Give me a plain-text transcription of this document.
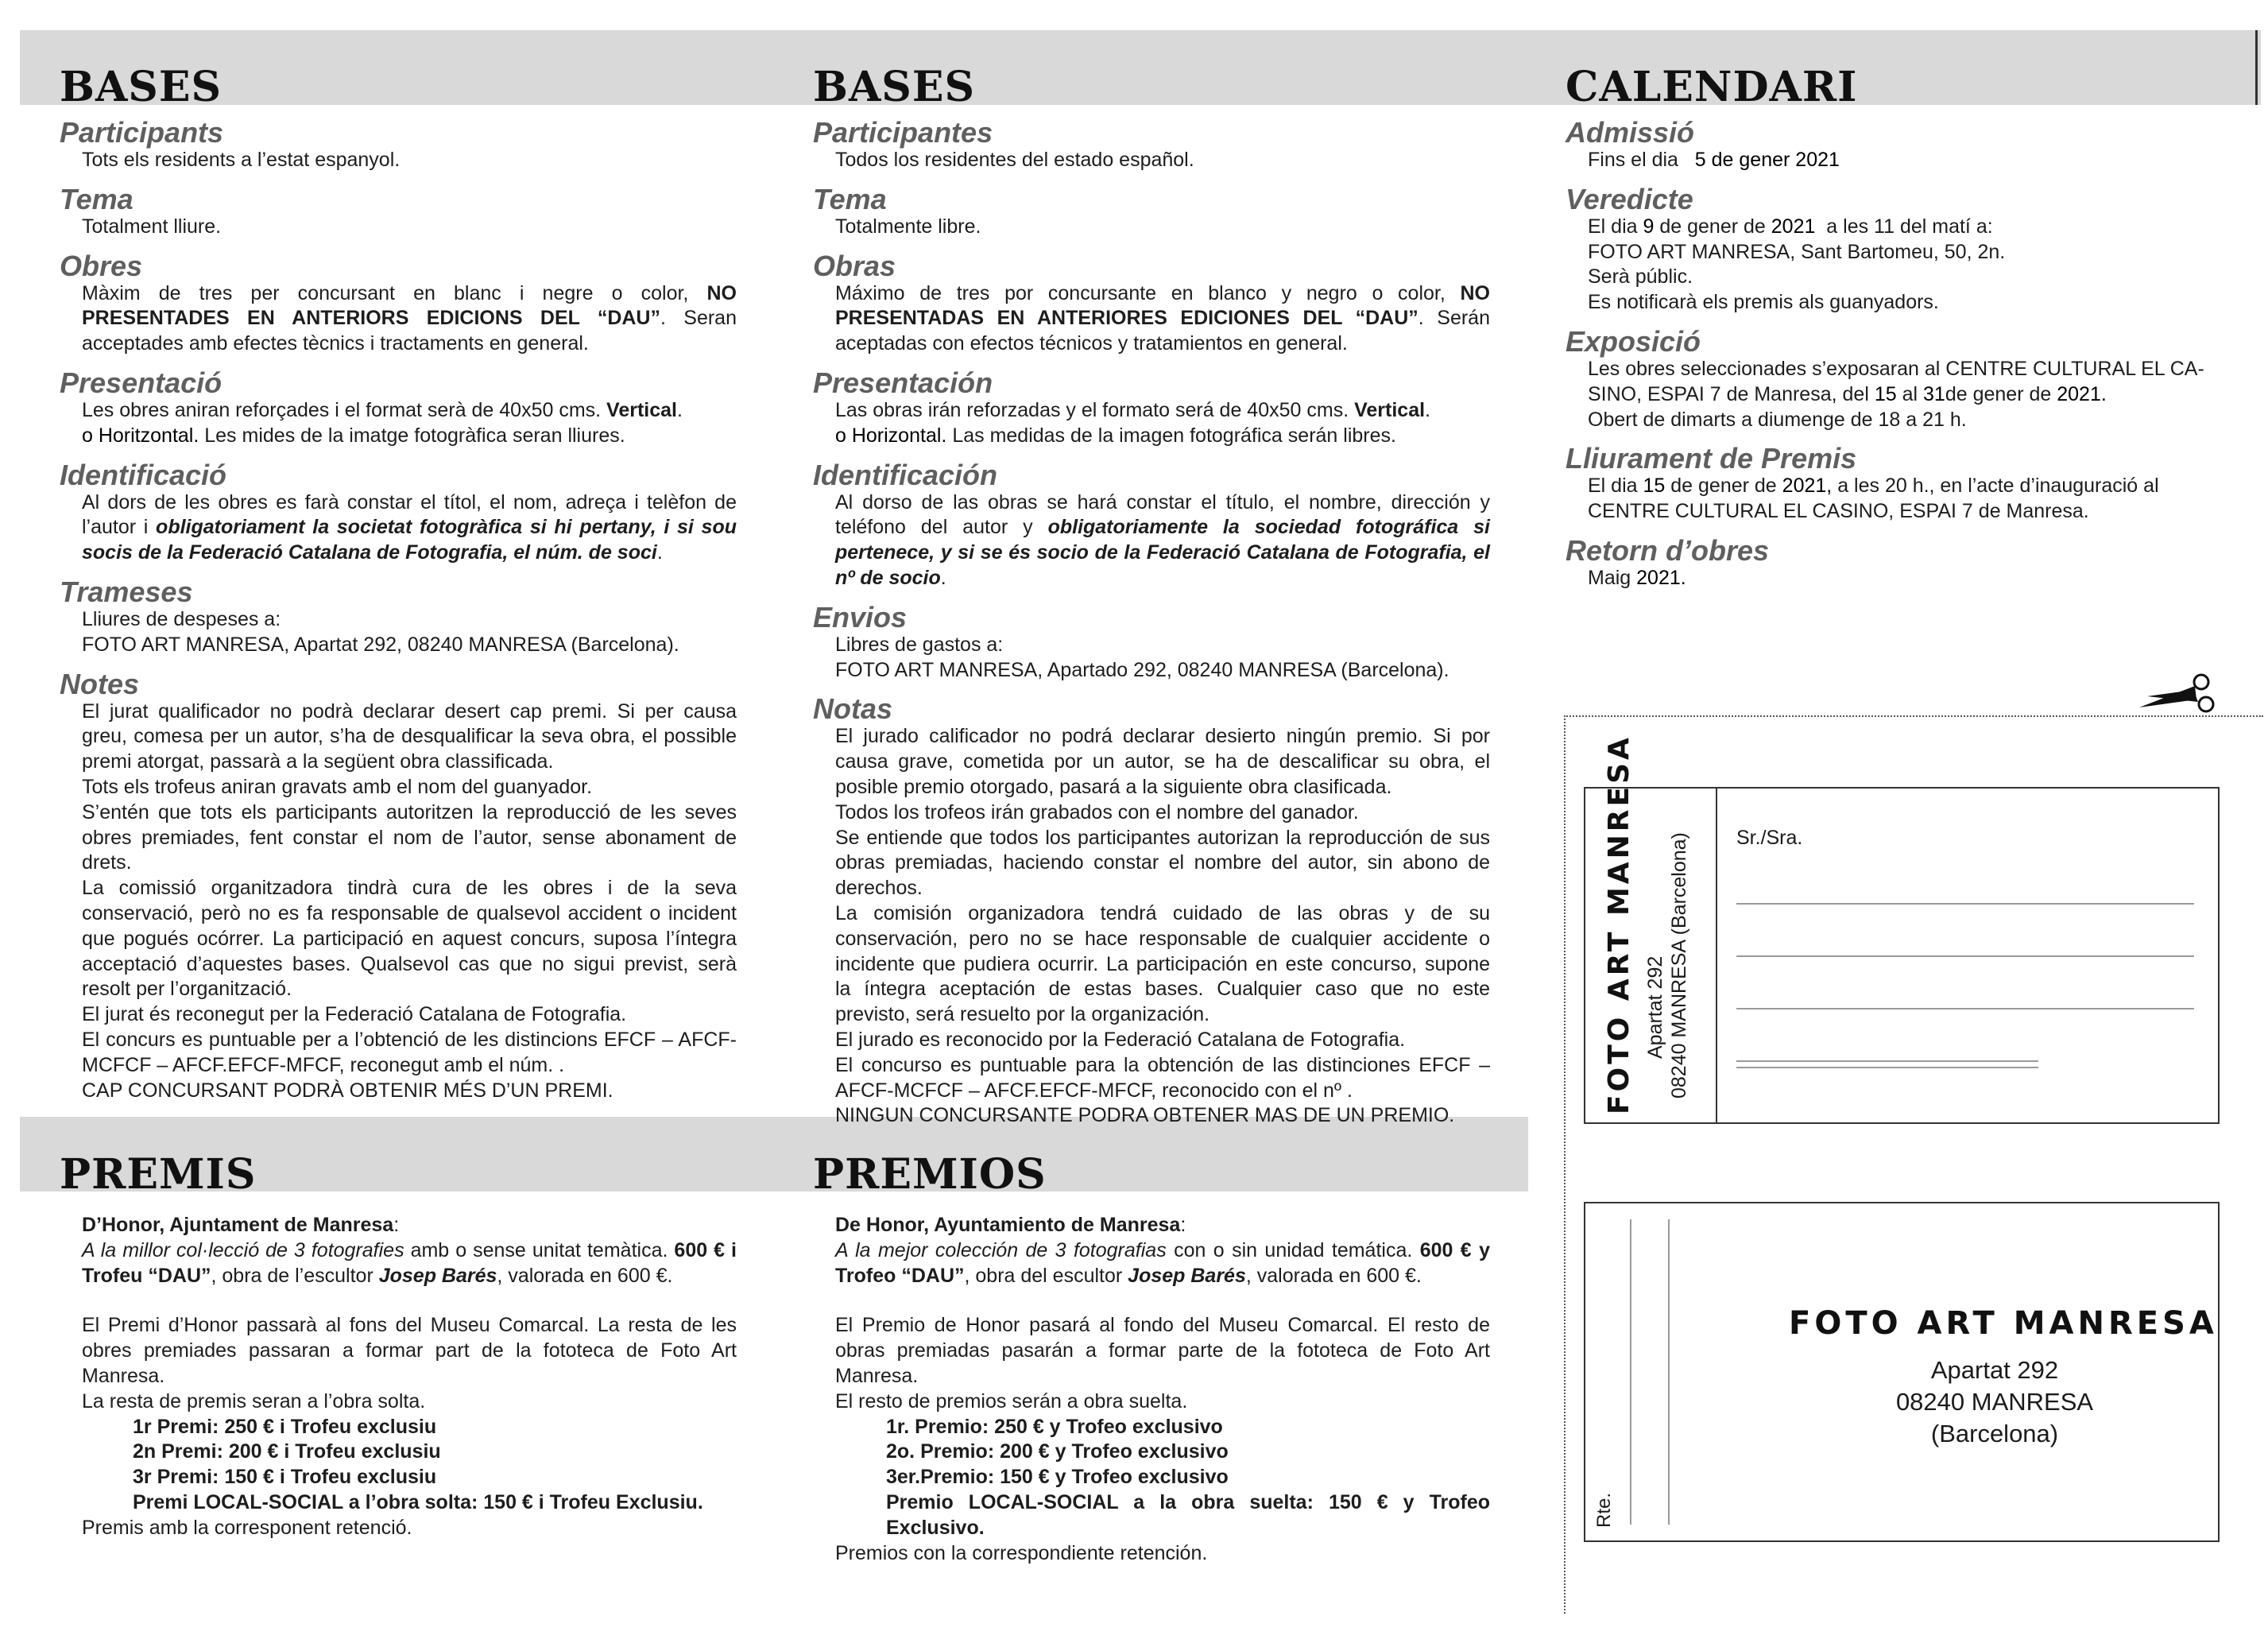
BASES
Participants

Tots els residents a l’estat espanyol.

Tema

Totalment lliure.

Obres

Màxim de tres per concursant en blanc i negre o color, NO PRESENTADES EN ANTERIORS EDICIONS DEL “DAU”. Seran acceptades amb efectes tècnics i tractaments en general.

Presentació

Les obres aniran reforçades i el format serà de 40x50 cms. Vertical.
o Horitzontal. Les mides de la imatge fotogràfica seran lliures.

Identificació

Al dors de les obres es farà constar el títol, el nom, adreça i telèfon de l’autor i obligatoriament la societat fotogràfica si hi pertany, i si sou socis de la Federació Catalana de Fotografia, el núm. de soci.

Trameses

Lliures de despeses a:
FOTO ART MANRESA, Apartat 292, 08240 MANRESA (Barcelona).

Notes

El jurat qualificador no podrà declarar desert cap premi. Si per causa greu, comesa per un autor, s’ha de desqualificar la seva obra, el possible premi atorgat, passarà a la següent obra classificada.
Tots els trofeus aniran gravats amb el nom del guanyador.
S’entén que tots els participants autoritzen la reproducció de les seves obres premiades, fent constar el nom de l’autor, sense abonament de drets.
La comissió organitzadora tindrà cura de les obres i de la seva conservació, però no es fa responsable de qualsevol accident o incident que pogués ocórrer. La participació en aquest concurs, suposa l’íntegra acceptació d’aquestes bases. Qualsevol cas que no sigui previst, serà resolt per l’organització.
El jurat és reconegut per la Federació Catalana de Fotografia.
El concurs es puntuable per a l’obtenció de les distincions EFCF – AFCF-MCFCF – AFCF.EFCF-MFCF, reconegut amb el núm. .
CAP CONCURSANT PODRÀ OBTENIR MÉS D’UN PREMI.

BASES
Participantes

Todos los residentes del estado español.

Tema

Totalmente libre.

Obras

Máximo de tres por concursante en blanco y negro o color, NO PRESENTADAS EN ANTERIORES EDICIONES DEL “DAU”. Serán aceptadas con efectos técnicos y tratamientos en general.

Presentación

Las obras irán reforzadas y el formato será de 40x50 cms. Vertical.
o Horizontal. Las medidas de la imagen fotográfica serán libres.

Identificación

Al dorso de las obras se hará constar el título, el nombre, dirección y teléfono del autor y obligatoriamente la sociedad fotográfica si pertenece, y si se és socio de la Federació Catalana de Fotografia, el nº de socio.

Envios

Libres de gastos a:
FOTO ART MANRESA, Apartado 292, 08240 MANRESA (Barcelona).

Notas

El jurado calificador no podrá declarar desierto ningún premio. Si por causa grave, cometida por un autor, se ha de descalificar su obra, el posible premio otorgado, pasará a la siguiente obra clasificada.
Todos los trofeos irán grabados con el nombre del ganador.
Se entiende que todos los participantes autorizan la reproducción de sus obras premiadas, haciendo constar el nombre del autor, sin abono de derechos.
La comisión organizadora tendrá cuidado de las obras y de su conservación, pero no se hace responsable de cualquier accidente o incidente que pudiera ocurrir. La participación en este concurso, supone la íntegra aceptación de estas bases. Cualquier caso que no este previsto, será resuelto por la organización.
El jurado es reconocido por la Federació Catalana de Fotografia.
El concurso es puntuable para la obtención de las distinciones EFCF – AFCF-MCFCF – AFCF.EFCF-MFCF, reconocido con el nº .
NINGUN CONCURSANTE PODRA OBTENER MAS DE UN PREMIO.

PREMIS

D’Honor, Ajuntament de Manresa:
A la millor col·lecció de 3 fotografies amb o sense unitat temàtica. 600 € i Trofeu “DAU”, obra de l’escultor Josep Barés, valorada en 600 €.
El Premi d’Honor passarà al fons del Museu Comarcal. La resta de les obres premiades passaran a formar part de la fototeca de Foto Art Manresa.
La resta de premis seran a l’obra solta.
1r Premi: 250 € i Trofeu exclusiu
2n Premi: 200 € i Trofeu exclusiu
3r Premi: 150 € i Trofeu exclusiu
Premi LOCAL-SOCIAL a l’obra solta: 150 € i Trofeu Exclusiu.
Premis amb la corresponent retenció.

PREMIOS

De Honor, Ayuntamiento de Manresa:
A la mejor colección de 3 fotografias con o sin unidad temática. 600 € y Trofeo “DAU”, obra del escultor Josep Barés, valorada en 600 €.
El Premio de Honor pasará al fondo del Museu Comarcal. El resto de obras premiadas pasarán a formar parte de la fototeca de Foto Art Manresa.
El resto de premios serán a obra suelta.
1r. Premio: 250 € y Trofeo exclusivo
2o. Premio: 200 € y Trofeo exclusivo
3er.Premio: 150 € y Trofeo exclusivo
Premio LOCAL-SOCIAL a la obra suelta: 150 € y Trofeo Exclusivo.
Premios con la correspondiente retención.

CALENDARI
Admissió

Fins el dia 5 de gener 2021

Veredicte

El dia 9 de gener de 2021 a les 11 del matí a:
FOTO ART MANRESA, Sant Bartomeu, 50, 2n.
Serà públic.
Es notificarà els premis als guanyadors.

Exposició

Les obres seleccionades s’exposaran al CENTRE CULTURAL EL CA-
SINO, ESPAI 7 de Manresa, del 15 al 31de gener de 2021.
Obert de dimarts a diumenge de 18 a 21 h.

Lliurament de Premis

El dia 15 de gener de 2021, a les 20 h., en l’acte d’inauguració al
CENTRE CULTURAL EL CASINO, ESPAI 7 de Manresa.

Retorn d’obres

Maig 2021.

FOTO ART MANRESA Apartat 292 08240 MANRESA (Barcelona) Sr./Sra.
Rte.
FOTO ART MANRESA
Apartat 292
08240 MANRESA
(Barcelona)
